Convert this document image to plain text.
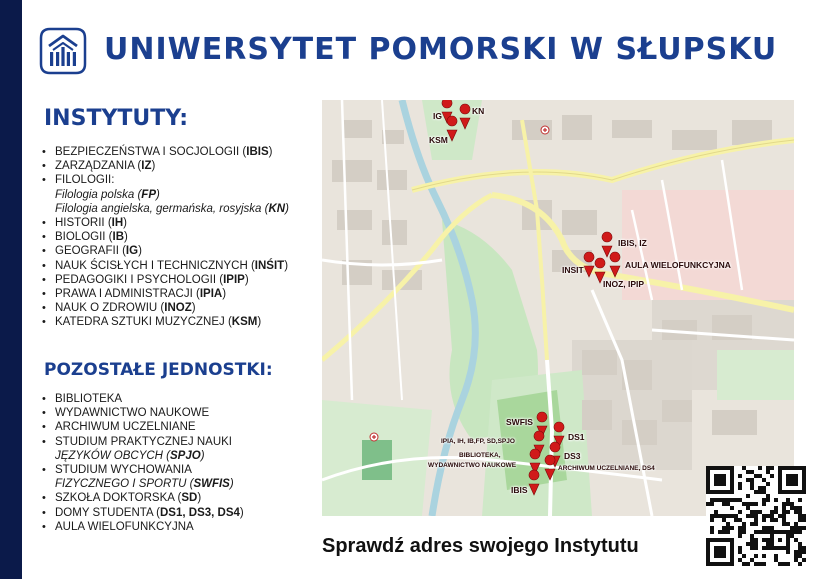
UNIWERSYTET POMORSKI W SŁUPSKU
INSTYTUTY:
• BEZPIECZEŃSTWA I SOCJOLOGII (IBIS)
• ZARZĄDZANIA (IZ)
• FILOLOGII:
Filologia polska (FP)
Filologia angielska, germańska, rosyjska (KN)
• HISTORII (IH)
• BIOLOGII (IB)
• GEOGRAFII (IG)
• NAUK ŚCISŁYCH I TECHNICZNYCH (INŚIT)
• PEDAGOGIKI I PSYCHOLOGII (IPIP)
• PRAWA I ADMINISTRACJI (IPIA)
• NAUK O ZDROWIU (INOZ)
• KATEDRA SZTUKI MUZYCZNEJ (KSM)
POZOSTAŁE JEDNOSTKI:
• BIBLIOTEKA
• WYDAWNICTWO NAUKOWE
• ARCHIWUM UCZELNIANE
• STUDIUM PRAKTYCZNEJ NAUKI
JĘZYKÓW OBCYCH (SPJO)
• STUDIUM WYCHOWANIA
FIZYCZNEGO I SPORTU (SWFIS)
• SZKOŁA DOKTORSKA (SD)
• DOMY STUDENTA (DS1, DS3, DS4)
• AULA WIELOFUNKCYJNA
IG	KN
KSM
IBIS, IZ
INSIT	AULA WIELOFUNKCYJNA
INOZ, IPIP
SWFIS
IPIA, IH, IB,FP, SD,SPJO	DS1
BIBLIOTEKA,
WYDAWNICTWO NAUKOWE
DS3
ARCHIWUM UCZELNIANE, DS4
IBIS
Sprawdź adres swojego Instytutu
